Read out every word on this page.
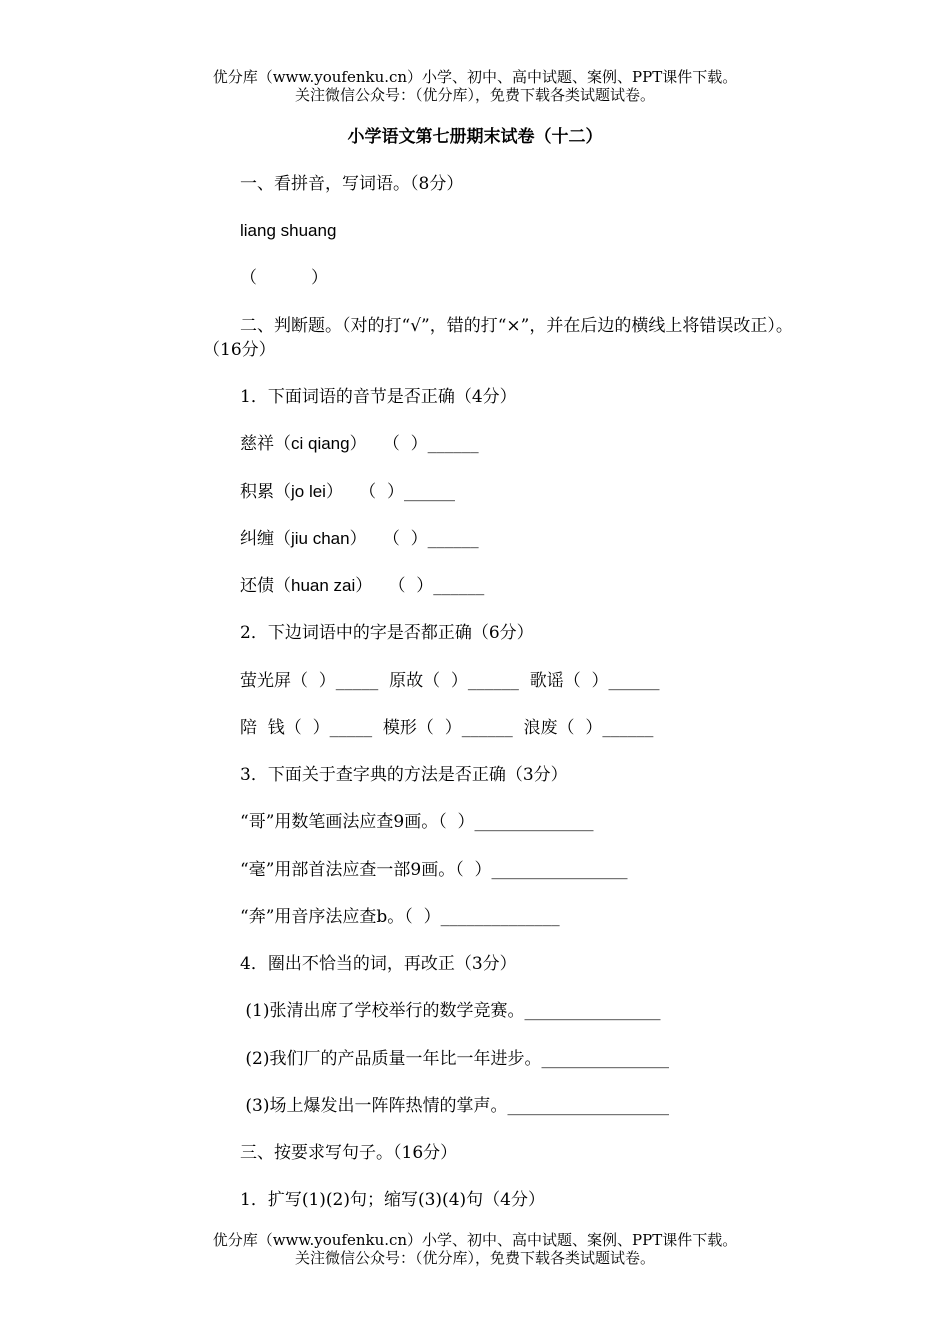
优分库（www.youfenku.cn）小学、初中、高中试题、案例、PPT课件下载。
关注微信公众号：（优分库），免费下载各类试题试卷。
小学语文第七册期末试卷（十二）
一、看拼音，写词语。（8分）
liang shuang
（          ）
二、判断题。（对的打“√”，错的打“×”，并在后边的横线上将错误改正）。（16分）
1．下面词语的音节是否正确（4分）
慈祥（ci qiang）   （  ）______
积累（jo lei）   （  ）______
纠缠（jiu chan）   （  ）______
还债（huan zai）   （  ）______
2．下边词语中的字是否都正确（6分）
萤光屏（  ）_____  原故（  ）______  歌谣（  ）______
陪  钱（  ）_____  模形（  ）______  浪废（  ）______
3．下面关于查字典的方法是否正确（3分）
“哥”用数笔画法应查9画。（  ）______________
“毫”用部首法应查一部9画。（  ）________________
“奔”用音序法应查b。（  ）______________
4．圈出不恰当的词，再改正（3分）
(1)张清出席了学校举行的数学竞赛。________________
(2)我们厂的产品质量一年比一年进步。_______________
(3)场上爆发出一阵阵热情的掌声。___________________
三、按要求写句子。（16分）
1．扩写(1)(2)句；缩写(3)(4)句（4分）
优分库（www.youfenku.cn）小学、初中、高中试题、案例、PPT课件下载。
关注微信公众号：（优分库），免费下载各类试题试卷。
